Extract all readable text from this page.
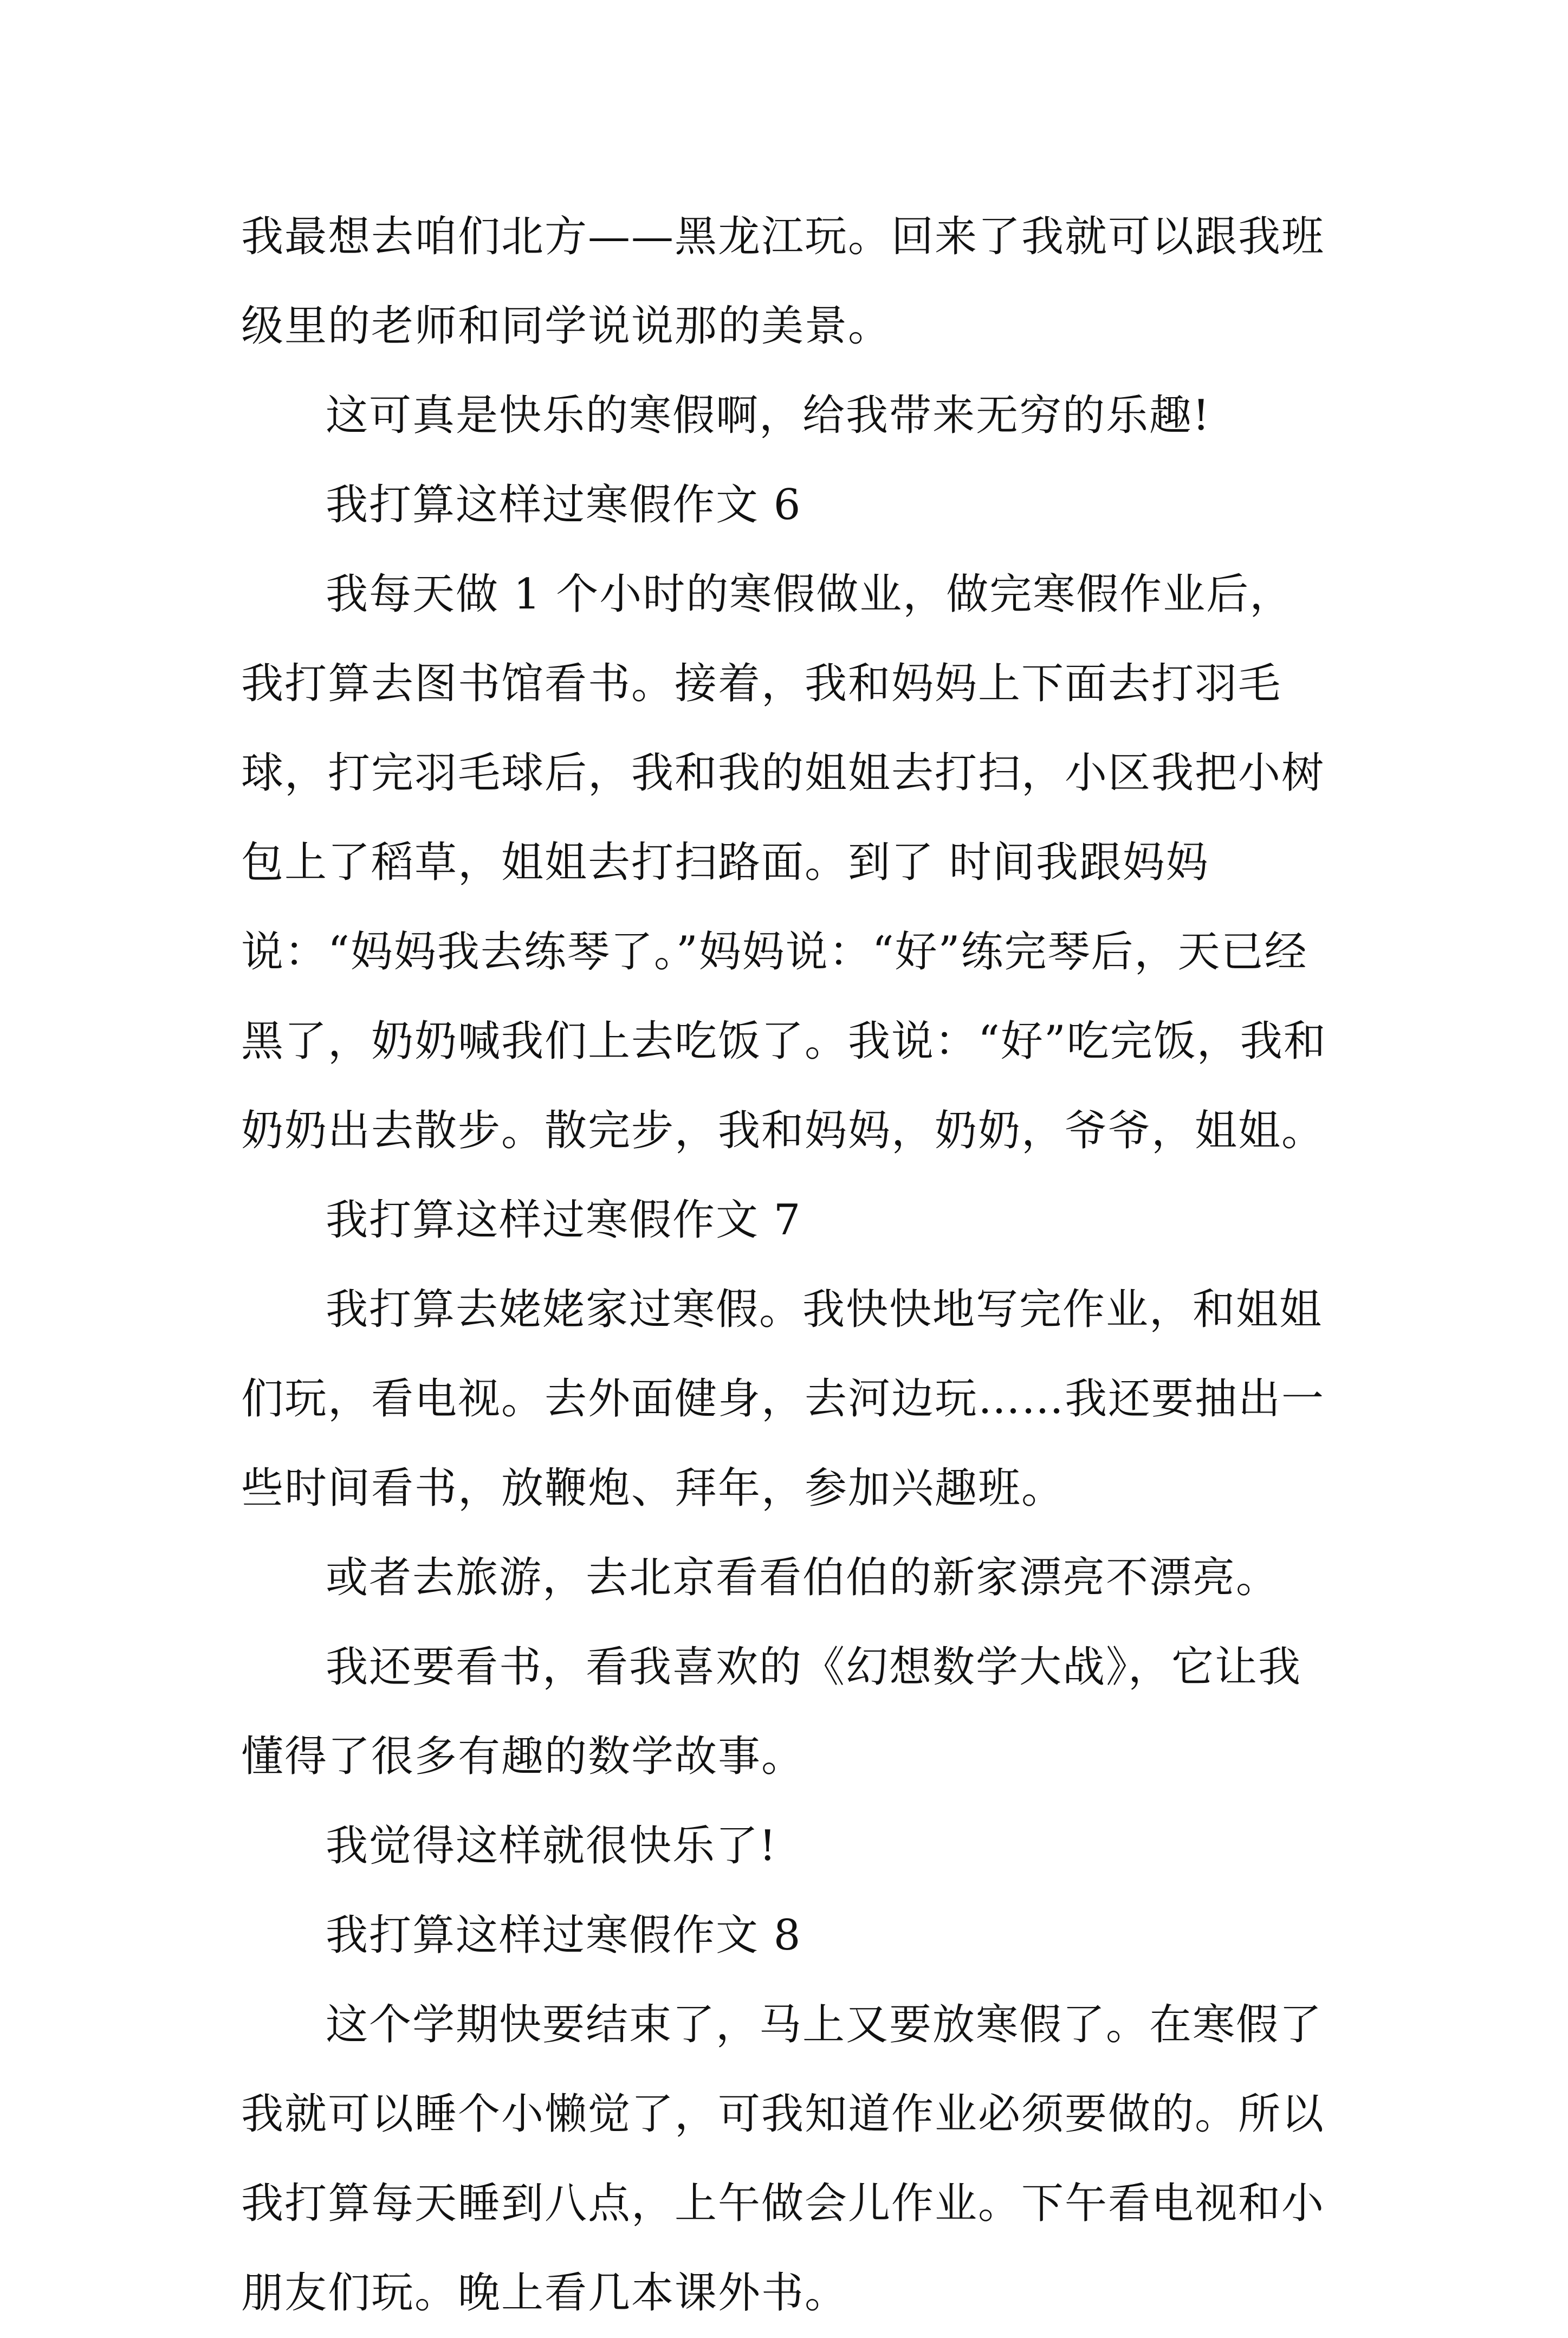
我最想去咱们北方——黑龙江玩。回来了我就可以跟我班级里的老师和同学说说那的美景。

这可真是快乐的寒假啊，给我带来无穷的乐趣!

我打算这样过寒假作文 6

我每天做 1 个小时的寒假做业，做完寒假作业后，我打算去图书馆看书。接着，我和妈妈上下面去打羽毛球，打完羽毛球后，我和我的姐姐去打扫，小区我把小树包上了稻草，姐姐去打扫路面。到了 时间我跟妈妈说：“妈妈我去练琴了。”妈妈说：“好”练完琴后，天已经黑了，奶奶喊我们上去吃饭了。我说：“好”吃完饭，我和奶奶出去散步。散完步，我和妈妈，奶奶，爷爷，姐姐。

我打算这样过寒假作文 7

我打算去姥姥家过寒假。我快快地写完作业，和姐姐们玩，看电视。去外面健身，去河边玩……我还要抽出一些时间看书，放鞭炮、拜年，参加兴趣班。

或者去旅游，去北京看看伯伯的新家漂亮不漂亮。

我还要看书，看我喜欢的《幻想数学大战》，它让我懂得了很多有趣的数学故事。

我觉得这样就很快乐了!

我打算这样过寒假作文 8

这个学期快要结束了，马上又要放寒假了。在寒假了我就可以睡个小懒觉了，可我知道作业必须要做的。所以我打算每天睡到八点，上午做会儿作业。下午看电视和小朋友们玩。晚上看几本课外书。
